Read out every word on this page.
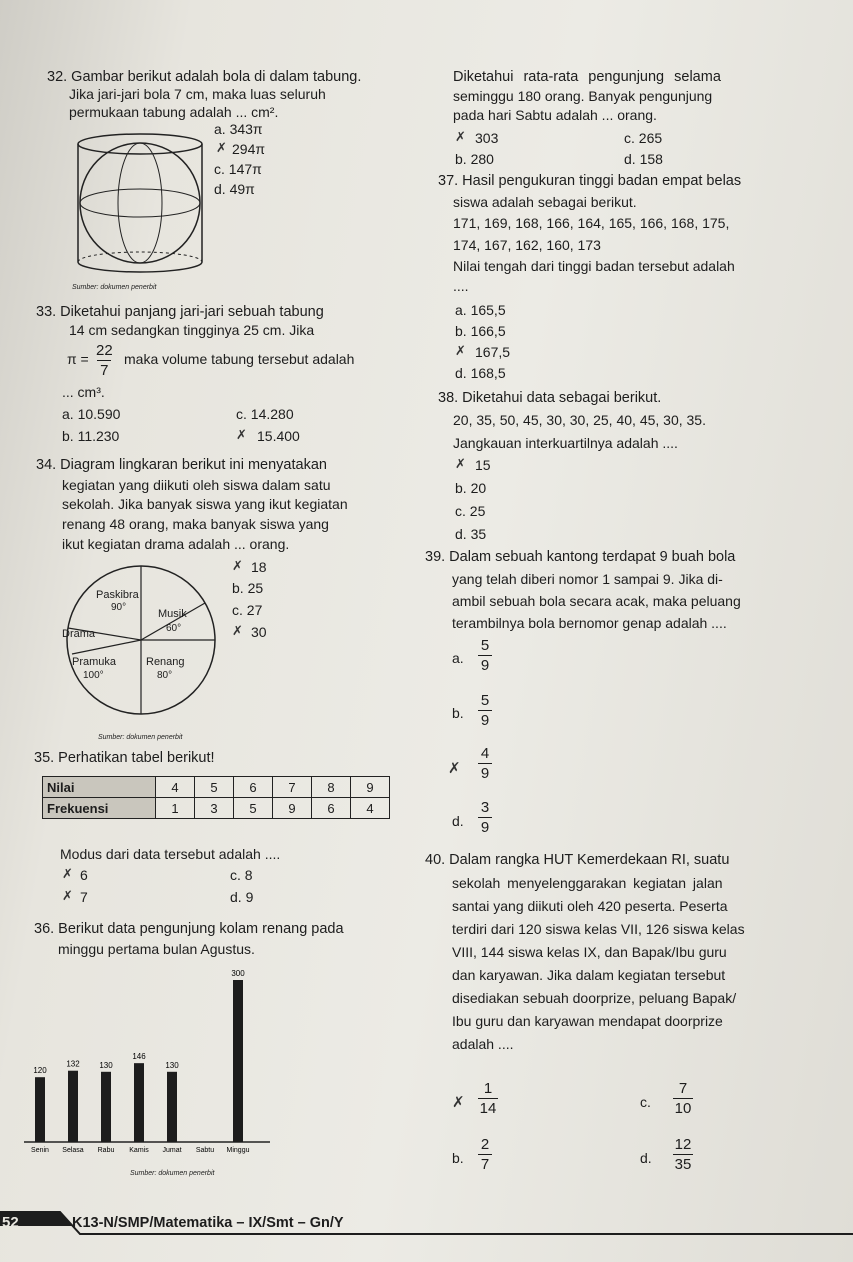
32. Gambar berikut adalah bola di dalam tabung.
Jika jari-jari bola 7 cm, maka luas seluruh
permukaan tabung adalah ... cm².
a. 343π
✗ 294π
c. 147π
d. 49π
Sumber: dokumen penerbit
33. Diketahui panjang jari-jari sebuah tabung
14 cm sedangkan tingginya 25 cm. Jika
π = 22
7
maka volume tabung tersebut adalah
... cm³.
a. 10.590	c. 14.280
b. 11.230	✗ 15.400
34. Diagram lingkaran berikut ini menyatakan
kegiatan yang diikuti oleh siswa dalam satu
sekolah. Jika banyak siswa yang ikut kegiatan
renang 48 orang, maka banyak siswa yang
ikut kegiatan drama adalah ... orang.
✗ 18
b. 25
c. 27
✗ 30
Paskibra
90°
Musik
60°
Drama
Pramuka
100°
Renang
80°
Sumber: dokumen penerbit
35. Perhatikan tabel berikut!
Nilai	4	5	6	7	8	9
Frekuensi	1	3	5	9	6	4
Modus dari data tersebut adalah ....
✗ 6	c. 8
✗ 7	d. 9
36. Berikut data pengunjung kolam renang pada
minggu pertama bulan Agustus.
120
Senin
132
Selasa
130
Rabu
146
Kamis
130
Jumat Sabtu
300
Minggu
Sumber: dokumen penerbit
Diketahui rata-rata pengunjung selama
seminggu 180 orang. Banyak pengunjung
pada hari Sabtu adalah ... orang.
✗ 303	c. 265
b. 280	d. 158
37. Hasil pengukuran tinggi badan empat belas
siswa adalah sebagai berikut.
171, 169, 168, 166, 164, 165, 166, 168, 175,
174, 167, 162, 160, 173
Nilai tengah dari tinggi badan tersebut adalah
....
a. 165,5
b. 166,5
✗ 167,5
d. 168,5
38. Diketahui data sebagai berikut.
20, 35, 50, 45, 30, 30, 25, 40, 45, 30, 35.
Jangkauan interkuartilnya adalah ....
✗ 15
b. 20
c. 25
d. 35
39. Dalam sebuah kantong terdapat 9 buah bola
yang telah diberi nomor 1 sampai 9. Jika di-
ambil sebuah bola secara acak, maka peluang
terambilnya bola bernomor genap adalah ....
a.
5
9
b.
5
9
✗
4
9
d.
3
9
40. Dalam rangka HUT Kemerdekaan RI, suatu
sekolah menyelenggarakan kegiatan jalan
santai yang diikuti oleh 420 peserta. Peserta
terdiri dari 120 siswa kelas VII, 126 siswa kelas
VIII, 144 siswa kelas IX, dan Bapak/Ibu guru
dan karyawan. Jika dalam kegiatan tersebut
disediakan sebuah doorprize, peluang Bapak/
Ibu guru dan karyawan mendapat doorprize
adalah ....
✗
1
14	c.
7
10
b.
2
7	d.
12
35
52	K13-N/SMP/Matematika – IX/Smt – Gn/Y
